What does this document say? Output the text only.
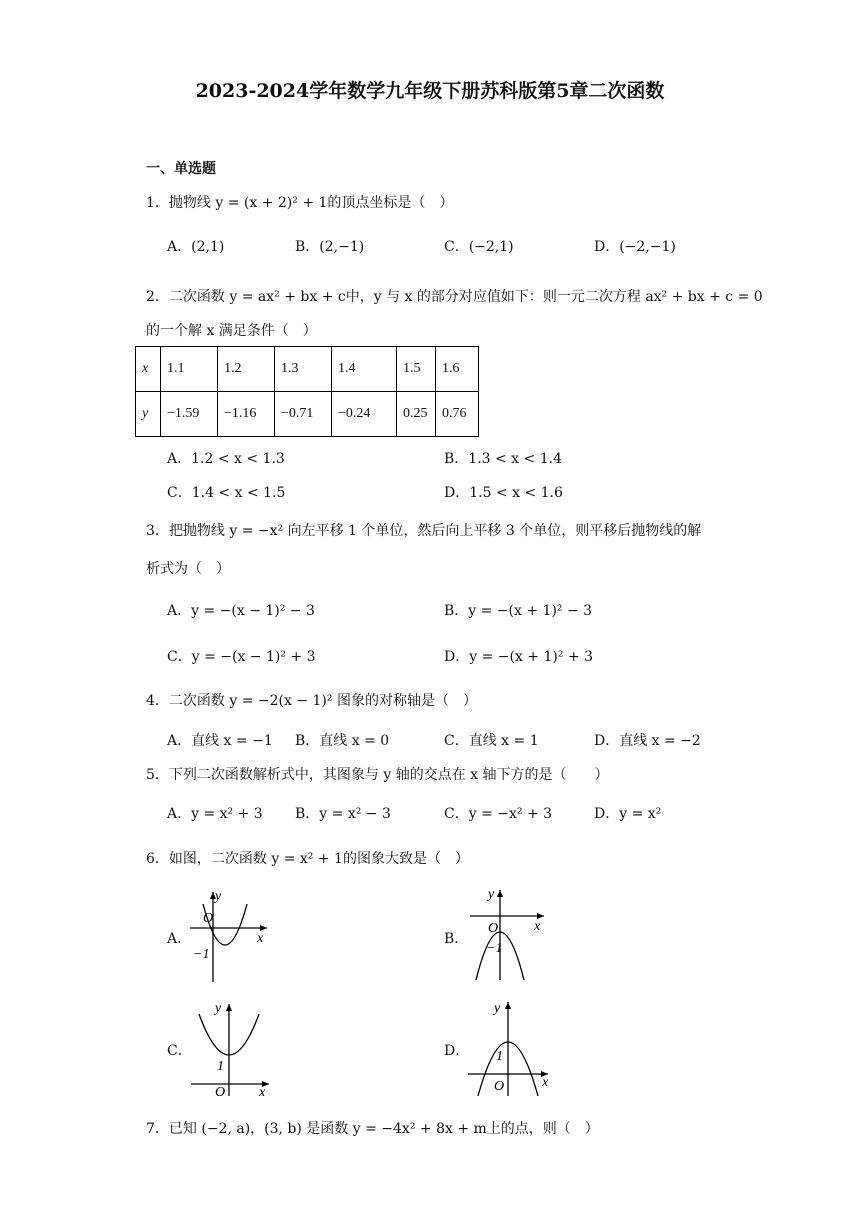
2023-2024学年数学九年级下册苏科版第5章二次函数
一、单选题
1．抛物线 y = (x + 2)² + 1的顶点坐标是（　）
A．(2,1)	B．(2,−1)	C．(−2,1)	D．(−2,−1)
2．二次函数 y = ax² + bx + c中，y 与 x 的部分对应值如下：则一元二次方程 ax² + bx + c = 0
的一个解 x 满足条件（　）
x	1.1	1.2	1.3	1.4	1.5	1.6
y	−1.59	−1.16	−0.71	−0.24	0.25	0.76
A．1.2 < x < 1.3	B．1.3 < x < 1.4
C．1.4 < x < 1.5	D．1.5 < x < 1.6
3．把抛物线 y = −x² 向左平移 1 个单位，然后向上平移 3 个单位，则平移后抛物线的解
析式为（　）
A．y = −(x − 1)² − 3	B．y = −(x + 1)² − 3
C．y = −(x − 1)² + 3	D．y = −(x + 1)² + 3
4．二次函数 y = −2(x − 1)² 图象的对称轴是（　）
A．直线 x = −1 B．直线 x = 0	C．直线 x = 1	D．直线 x = −2
5．下列二次函数解析式中，其图象与 y 轴的交点在 x 轴下方的是（　　）
A．y = x² + 3 B．y = x² − 3	C．y = −x² + 3	D．y = x²
6．如图，二次函数 y = x² + 1的图象大致是（　）
A．
y
O
x
−1
B．
y
O	x
−1
C．
y
1
O x
D．
y
1
O	x
7．已知 (−2, a)，(3, b) 是函数 y = −4x² + 8x + m上的点，则（　）
